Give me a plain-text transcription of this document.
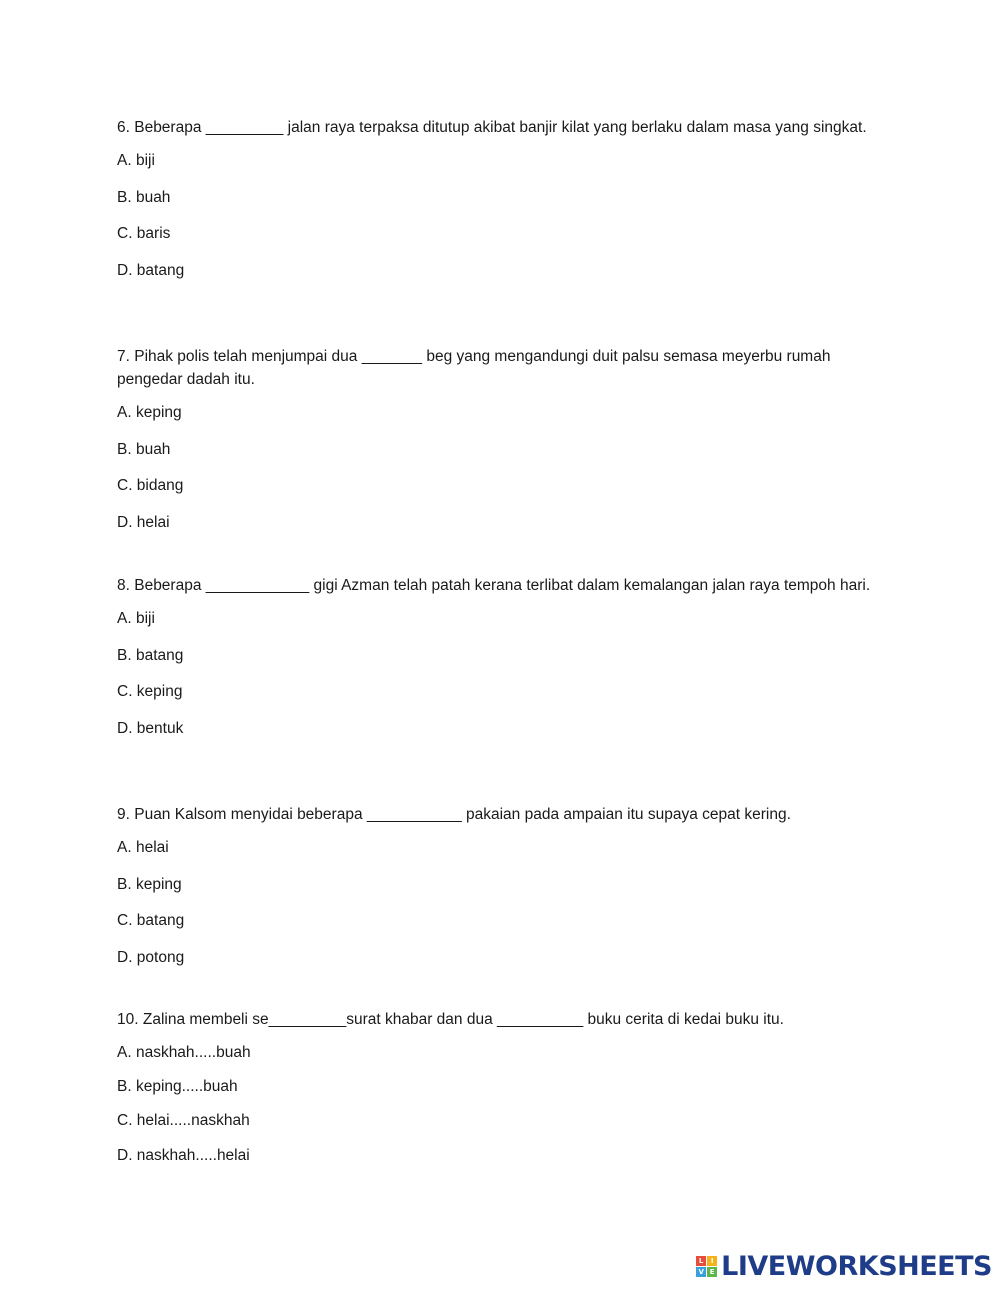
6. Beberapa _________ jalan raya terpaksa ditutup akibat banjir kilat yang berlaku dalam masa yang singkat.

A. biji

B. buah

C. baris

D. batang

7. Pihak polis telah menjumpai dua _______ beg yang mengandungi duit palsu semasa meyerbu rumah pengedar dadah itu.

A. keping

B. buah

C. bidang

D. helai

8. Beberapa ____________ gigi Azman telah patah kerana terlibat dalam kemalangan jalan raya tempoh hari.

A. biji

B. batang

C. keping

D. bentuk

9. Puan Kalsom menyidai beberapa ___________ pakaian pada ampaian itu supaya cepat kering.

A. helai

B. keping

C. batang

D. potong

10. Zalina membeli se_________surat khabar dan dua __________ buku cerita di kedai buku itu.

A. naskhah.....buah

B. keping.....buah

C. helai.....naskhah

D. naskhah.....helai

L	I
V E LIVEWORKSHEETS
